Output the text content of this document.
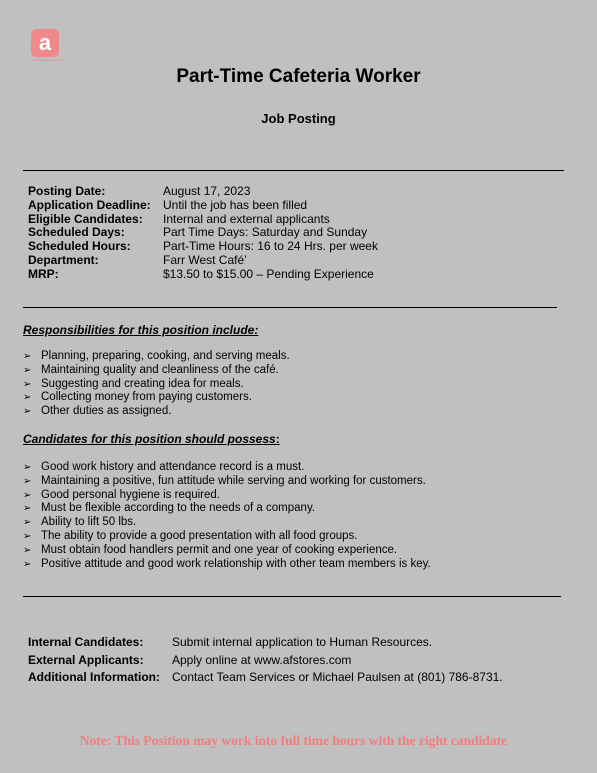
a
Associated Food Stores
Part-Time Cafeteria Worker
Job Posting
Posting Date:	August 17, 2023
Application Deadline:	Until the job has been filled
Eligible Candidates:	Internal and external applicants
Scheduled Days:	Part Time Days: Saturday and Sunday
Scheduled Hours:	Part-Time Hours: 16 to 24 Hrs. per week
Department:	Farr West Café’
MRP:	$13.50 to $15.00 – Pending Experience
Responsibilities for this position include:
➢ Planning, preparing, cooking, and serving meals.
➢ Maintaining quality and cleanliness of the café.
➢ Suggesting and creating idea for meals.
➢ Collecting money from paying customers.
➢ Other duties as assigned.
Candidates for this position should possess:
➢ Good work history and attendance record is a must.
➢ Maintaining a positive, fun attitude while serving and working for customers.
➢ Good personal hygiene is required.
➢ Must be flexible according to the needs of a company.
➢ Ability to lift 50 lbs.
➢ The ability to provide a good presentation with all food groups.
➢ Must obtain food handlers permit and one year of cooking experience.
➢ Positive attitude and good work relationship with other team members is key.
Internal Candidates:	Submit internal application to Human Resources.
External Applicants:	Apply online at www.afstores.com
Additional Information:	Contact Team Services or Michael Paulsen at (801) 786-8731.
Note: This Position may work into full time hours with the right candidate
